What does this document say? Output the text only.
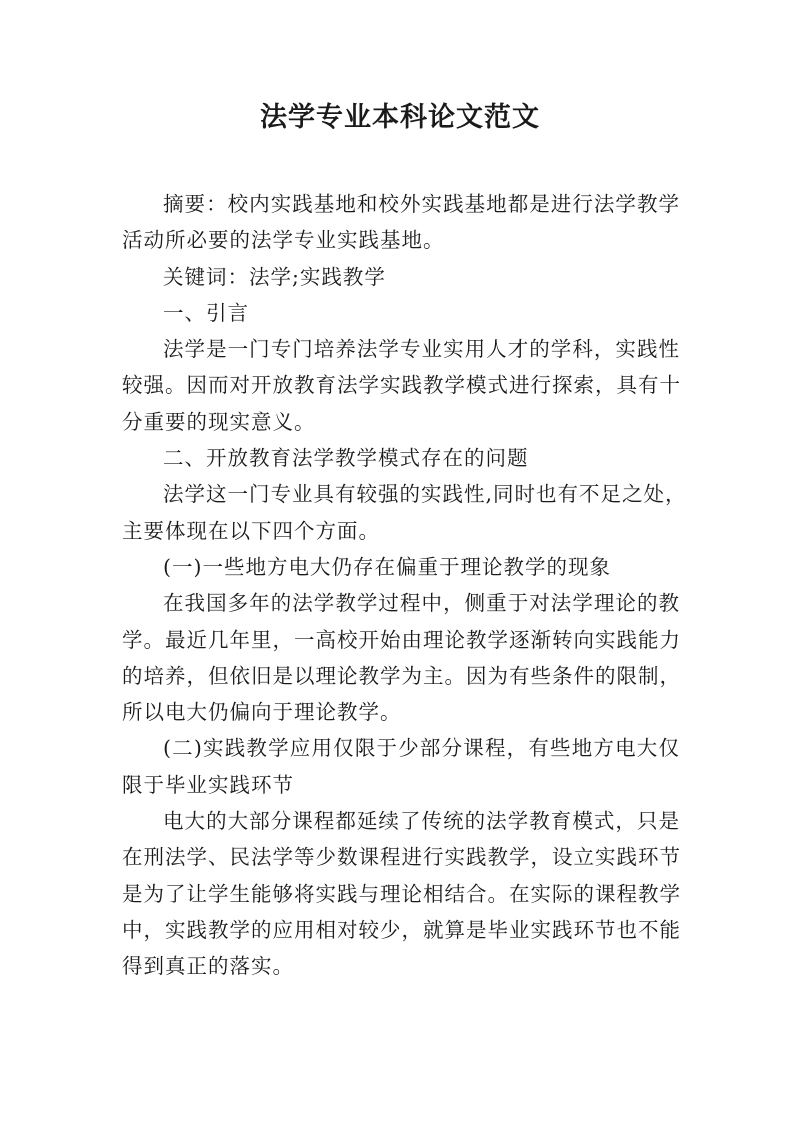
法学专业本科论文范文

摘要：校内实践基地和校外实践基地都是进行法学教学
活动所必要的法学专业实践基地。

关键词：法学;实践教学

一、引言

法学是一门专门培养法学专业实用人才的学科，实践性
较强。因而对开放教育法学实践教学模式进行探索，具有十
分重要的现实意义。

二、开放教育法学教学模式存在的问题

法学这一门专业具有较强的实践性,同时也有不足之处，
主要体现在以下四个方面。

(一)一些地方电大仍存在偏重于理论教学的现象

在我国多年的法学教学过程中，侧重于对法学理论的教
学。最近几年里，一高校开始由理论教学逐渐转向实践能力
的培养，但依旧是以理论教学为主。因为有些条件的限制，
所以电大仍偏向于理论教学。

(二)实践教学应用仅限于少部分课程，有些地方电大仅
限于毕业实践环节

电大的大部分课程都延续了传统的法学教育模式，只是
在刑法学、民法学等少数课程进行实践教学，设立实践环节
是为了让学生能够将实践与理论相结合。在实际的课程教学
中，实践教学的应用相对较少，就算是毕业实践环节也不能
得到真正的落实。
